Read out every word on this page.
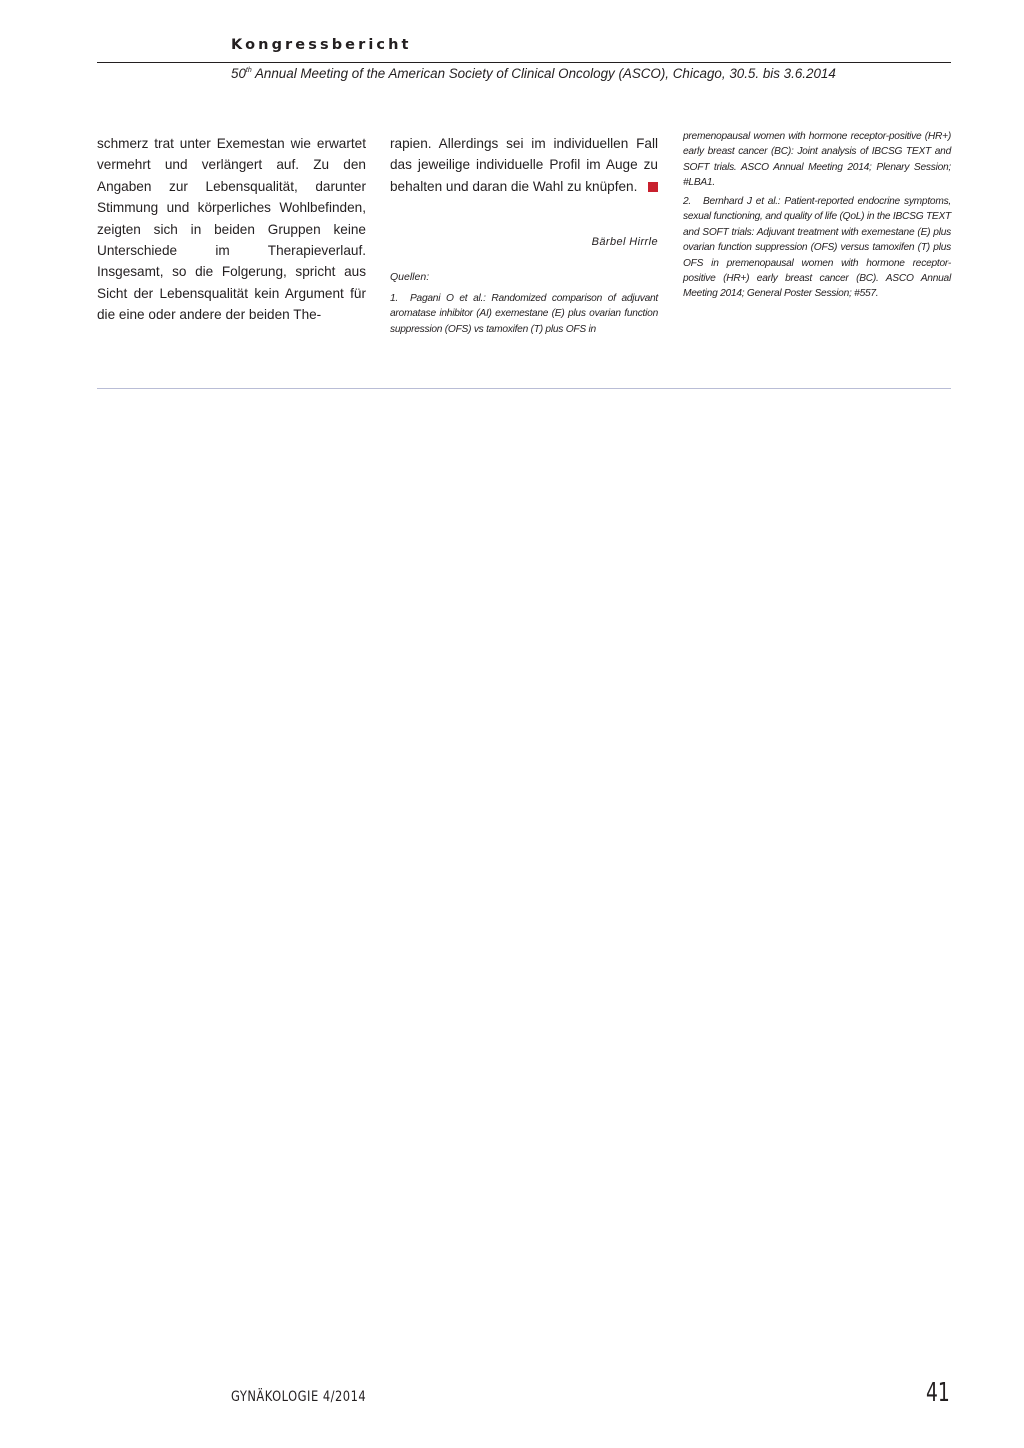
Kongressbericht
50th Annual Meeting of the American Society of Clinical Oncology (ASCO), Chicago, 30.5. bis 3.6.2014

schmerz trat unter Exemestan wie erwartet vermehrt und verlängert auf. Zu den Angaben zur Lebensqualität, darunter Stimmung und körperliches Wohlbefinden, zeigten sich in beiden Gruppen keine Unterschiede im Therapieverlauf. Insgesamt, so die Folgerung, spricht aus Sicht der Lebensqualität kein Argument für die eine oder andere der beiden The-

rapien. Allerdings sei im individuellen Fall das jeweilige individuelle Profil im Auge zu behalten und daran die Wahl zu knüpfen.

Bärbel Hirrle
Quellen:

1. Pagani O et al.: Randomized comparison of adjuvant aromatase inhibitor (AI) exemestane (E) plus ovarian function suppression (OFS) vs tamoxifen (T) plus OFS in

premenopausal women with hormone receptor-positive (HR+) early breast cancer (BC): Joint analysis of IBCSG TEXT and SOFT trials. ASCO Annual Meeting 2014; Plenary Session; #LBA1.

2. Bernhard J et al.: Patient-reported endocrine symptoms, sexual functioning, and quality of life (QoL) in the IBCSG TEXT and SOFT trials: Adjuvant treatment with exemestane (E) plus ovarian function suppression (OFS) versus tamoxifen (T) plus OFS in premenopausal women with hormone receptor-positive (HR+) early breast cancer (BC). ASCO Annual Meeting 2014; General Poster Session; #557.

GYNÄKOLOGIE 4/2014	41
